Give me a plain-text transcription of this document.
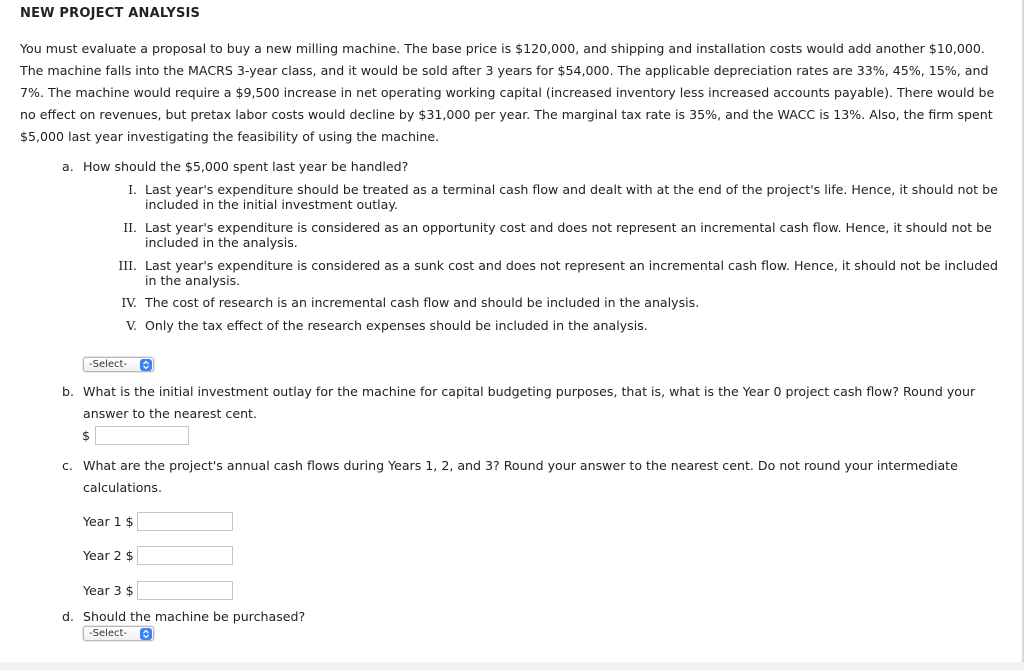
NEW PROJECT ANALYSIS

You must evaluate a proposal to buy a new milling machine. The base price is $120,000, and shipping and installation costs would add another $10,000. The machine falls into the MACRS 3-year class, and it would be sold after 3 years for $54,000. The applicable depreciation rates are 33%, 45%, 15%, and 7%. The machine would require a $9,500 increase in net operating working capital (increased inventory less increased accounts payable). There would be no effect on revenues, but pretax labor costs would decline by $31,000 per year. The marginal tax rate is 35%, and the WACC is 13%. Also, the firm spent $5,000 last year investigating the feasibility of using the machine.

a. How should the $5,000 spent last year be handled?

I. Last year's expenditure should be treated as a terminal cash flow and dealt with at the end of the project's life. Hence, it should not be included in the initial investment outlay.
II. Last year's expenditure is considered as an opportunity cost and does not represent an incremental cash flow. Hence, it should not be included in the analysis.
III. Last year's expenditure is considered as a sunk cost and does not represent an incremental cash flow. Hence, it should not be included in the analysis.
IV. The cost of research is an incremental cash flow and should be included in the analysis.
V. Only the tax effect of the research expenses should be included in the analysis.
-Select-

b. What is the initial investment outlay for the machine for capital budgeting purposes, that is, what is the Year 0 project cash flow? Round your answer to the nearest cent.

$

c. What are the project's annual cash flows during Years 1, 2, and 3? Round your answer to the nearest cent. Do not round your intermediate calculations.

Year 1 $
Year 2 $
Year 3 $

d. Should the machine be purchased?

-Select-
